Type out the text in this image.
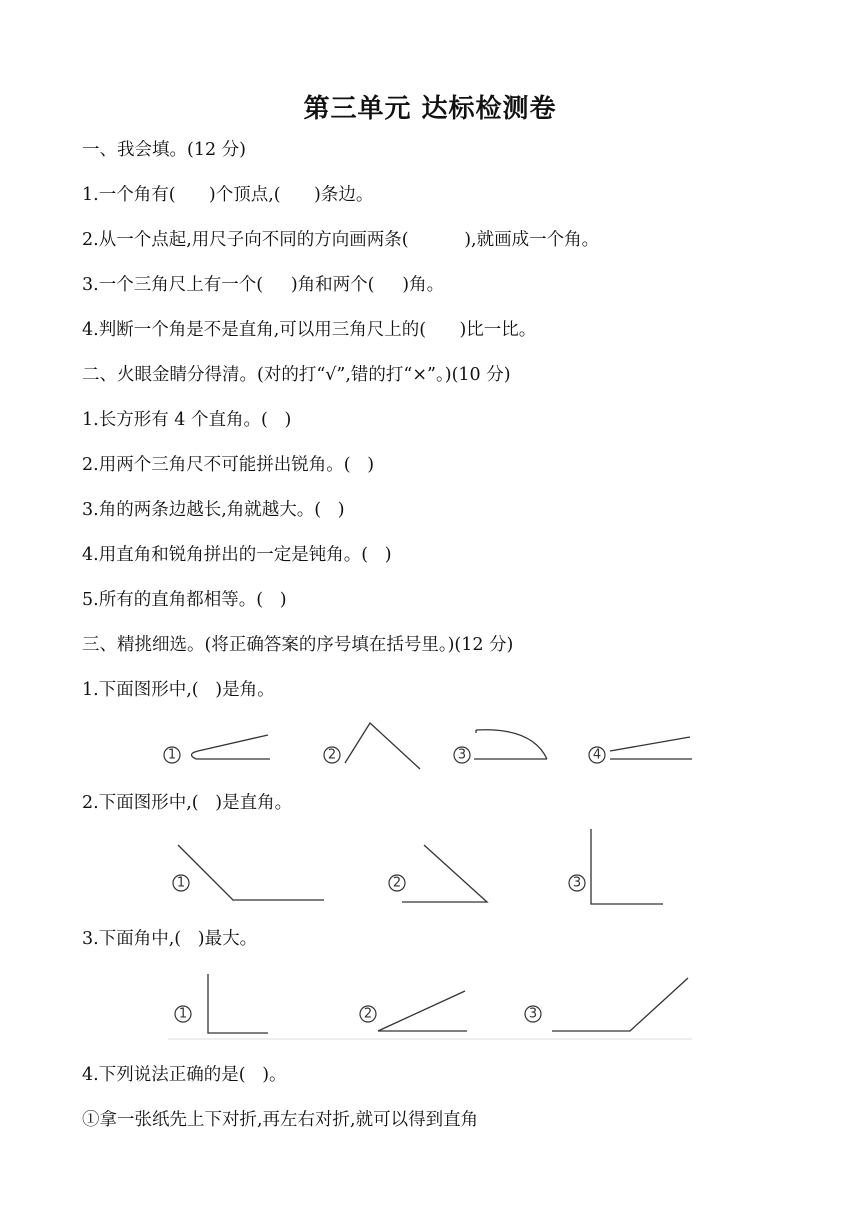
第三单元 达标检测卷
一、我会填。(12 分)
1.一个角有(      )个顶点,(      )条边。
2.从一个点起,用尺子向不同的方向画两条(          ),就画成一个角。
3.一个三角尺上有一个(     )角和两个(     )角。
4.判断一个角是不是直角,可以用三角尺上的(      )比一比。
二、火眼金睛分得清。(对的打“√”,错的打“×”。)(10 分)
1.长方形有 4 个直角。(   )
2.用两个三角尺不可能拼出锐角。(   )
3.角的两条边越长,角就越大。(   )
4.用直角和锐角拼出的一定是钝角。(   )
5.所有的直角都相等。(   )
三、精挑细选。(将正确答案的序号填在括号里。)(12 分)
1.下面图形中,(   )是角。
1	2	3	4
2.下面图形中,(   )是直角。
1	2	3
3.下面角中,(   )最大。
1	2	3
4.下列说法正确的是(   )。
①拿一张纸先上下对折,再左右对折,就可以得到直角
